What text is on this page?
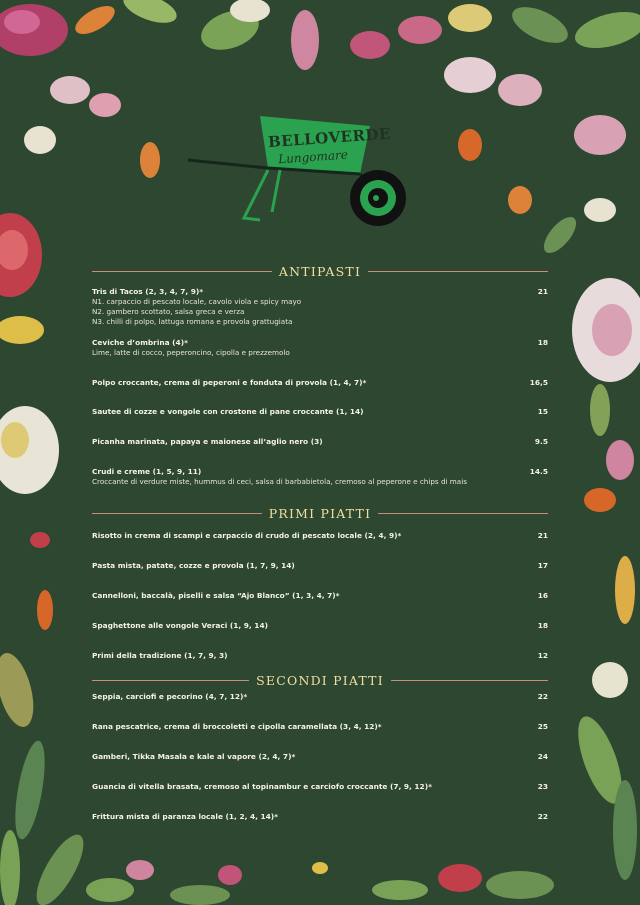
BELLOVERDE
Lungomare
ANTIPASTI
Tris di Tacos (2, 3, 4, 7, 9)*	21
N1. carpaccio di pescato locale, cavolo viola e spicy mayo
N2. gambero scottato, salsa greca e verza
N3. chilli di polpo, lattuga romana e provola grattugiata
Ceviche d’ombrina (4)*	18
Lime, latte di cocco, peperoncino, cipolla e prezzemolo
Polpo croccante, crema di peperoni e fonduta di provola (1, 4, 7)*	16,5
Sautee di cozze e vongole con crostone di pane croccante (1, 14)	15
Picanha marinata, papaya e maionese all’aglio nero (3)	9.5
Crudi e creme (1, 5, 9, 11)	14.5
Croccante di verdure miste, hummus di ceci, salsa di barbabietola, cremoso al peperone e chips di mais
PRIMI PIATTI
Risotto in crema di scampi e carpaccio di crudo di pescato locale (2, 4, 9)*	21
Pasta mista, patate, cozze e provola (1, 7, 9, 14)	17
Cannelloni, baccalà, piselli e salsa “Ajo Blanco” (1, 3, 4, 7)*	16
Spaghettone alle vongole Veraci (1, 9, 14)	18
Primi della tradizione (1, 7, 9, 3)	12
SECONDI PIATTI
Seppia, carciofi e pecorino (4, 7, 12)*	22
Rana pescatrice, crema di broccoletti e cipolla caramellata (3, 4, 12)*	25
Gamberi, Tikka Masala e kale al vapore (2, 4, 7)*	24
Guancia di vitella brasata, cremoso al topinambur e carciofo croccante (7, 9, 12)*	23
Frittura mista di paranza locale (1, 2, 4, 14)*	22
